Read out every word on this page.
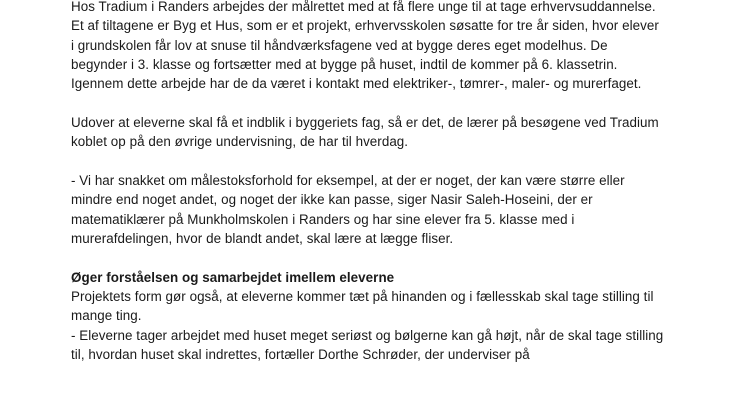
Hos Tradium i Randers arbejdes der målrettet med at få flere unge til at tage erhvervsuddannelse.
Et af tiltagene er Byg et Hus, som er et projekt, erhvervsskolen søsatte for tre år siden, hvor elever
i grundskolen får lov at snuse til håndværksfagene ved at bygge deres eget modelhus. De
begynder i 3. klasse og fortsætter med at bygge på huset, indtil de kommer på 6. klassetrin.
Igennem dette arbejde har de da været i kontakt med elektriker-, tømrer-, maler- og murerfaget.

Udover at eleverne skal få et indblik i byggeriets fag, så er det, de lærer på besøgene ved Tradium
koblet op på den øvrige undervisning, de har til hverdag.

- Vi har snakket om målestoksforhold for eksempel, at der er noget, der kan være større eller
mindre end noget andet, og noget der ikke kan passe, siger Nasir Saleh-Hoseini, der er
matematiklærer på Munkholmskolen i Randers og har sine elever fra 5. klasse med i
murerafdelingen, hvor de blandt andet, skal lære at lægge fliser.

Øger forståelsen og samarbejdet imellem eleverne
Projektets form gør også, at eleverne kommer tæt på hinanden og i fællesskab skal tage stilling til
mange ting.

- Eleverne tager arbejdet med huset meget seriøst og bølgerne kan gå højt, når de skal tage stilling
til, hvordan huset skal indrettes, fortæller Dorthe Schrøder, der underviser på
